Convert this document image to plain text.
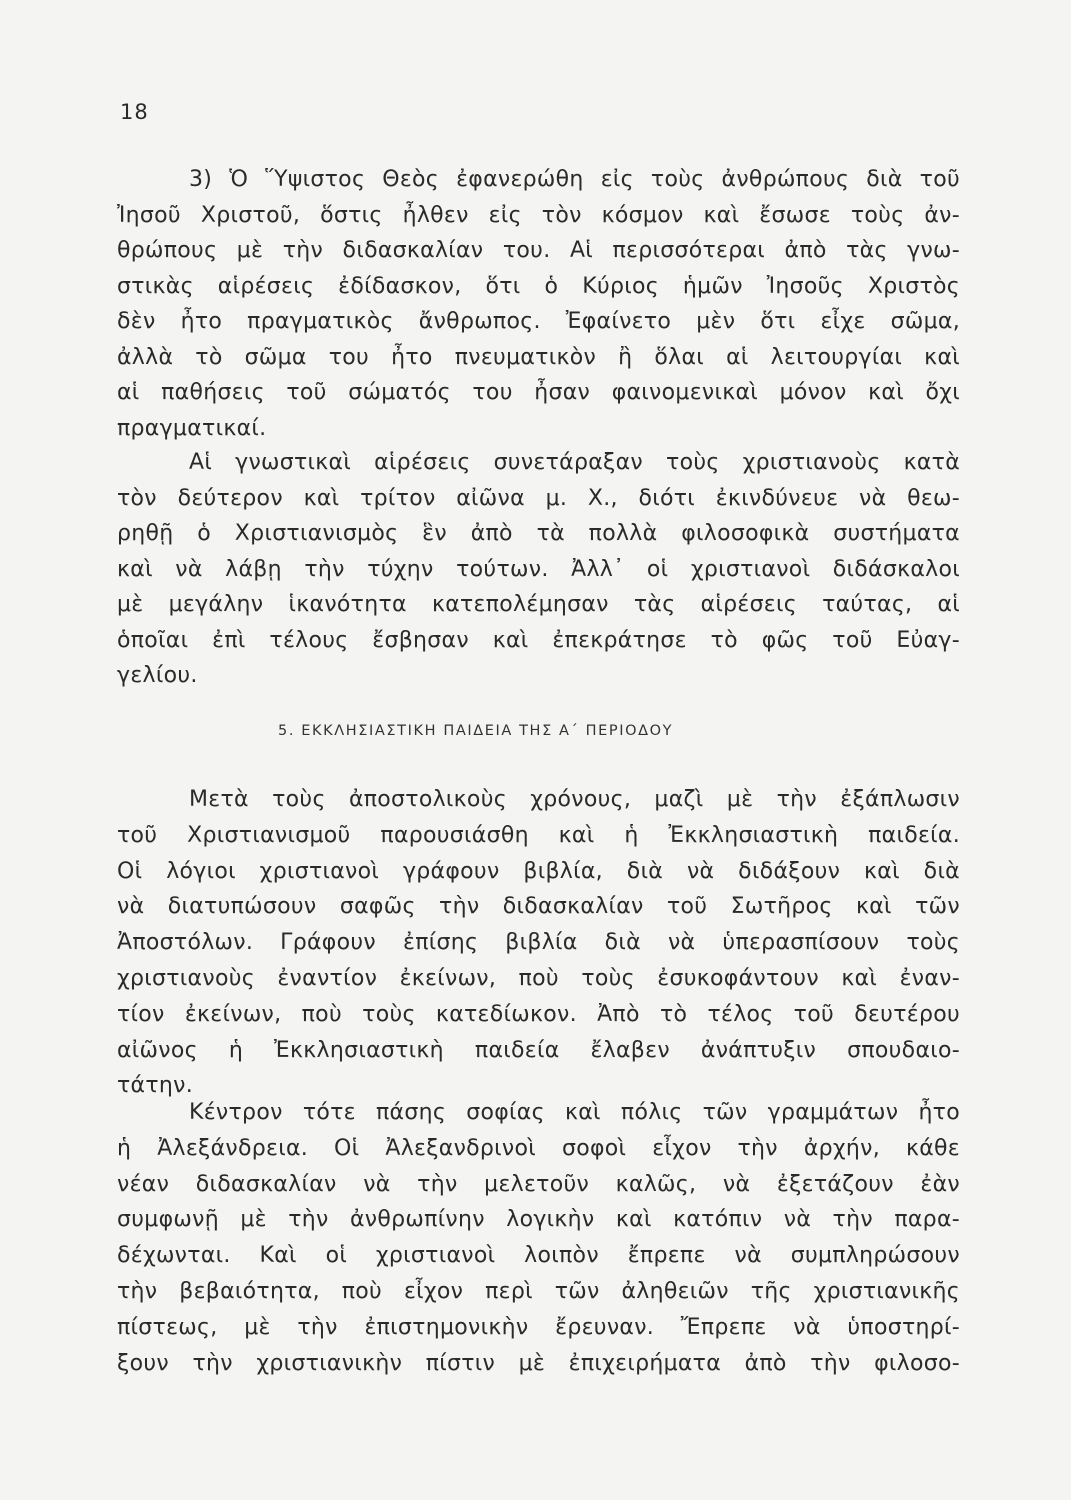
18
3) Ὁ Ὕψιστος Θεὸς ἐφανερώθη εἰς τοὺς ἀνθρώπους διὰ τοῦ
Ἰησοῦ Χριστοῦ, ὅστις ἦλθεν εἰς τὸν κόσμον καὶ ἔσωσε τοὺς ἀν-
θρώπους μὲ τὴν διδασκαλίαν του. Αἱ περισσότεραι ἀπὸ τὰς γνω-
στικὰς αἱρέσεις ἐδίδασκον, ὅτι ὁ Κύριος ἡμῶν Ἰησοῦς Χριστὸς
δὲν ἦτο πραγματικὸς ἄνθρωπος. Ἐφαίνετο μὲν ὅτι εἶχε σῶμα,
ἀλλὰ τὸ σῶμα του ἦτο πνευματικὸν ἢ ὅλαι αἱ λειτουργίαι καὶ
αἱ παθήσεις τοῦ σώματός του ἦσαν φαινομενικαὶ μόνον καὶ ὄχι
πραγματικαί.
Αἱ γνωστικαὶ αἱρέσεις συνετάραξαν τοὺς χριστιανοὺς κατὰ
τὸν δεύτερον καὶ τρίτον αἰῶνα μ. Χ., διότι ἐκινδύνευε νὰ θεω-
ρηθῇ ὁ Χριστιανισμὸς ἓν ἀπὸ τὰ πολλὰ φιλοσοφικὰ συστήματα
καὶ νὰ λάβῃ τὴν τύχην τούτων. Ἀλλ᾽ οἱ χριστιανοὶ διδάσκαλοι
μὲ μεγάλην ἱκανότητα κατεπολέμησαν τὰς αἱρέσεις ταύτας, αἱ
ὁποῖαι ἐπὶ τέλους ἔσβησαν καὶ ἐπεκράτησε τὸ φῶς τοῦ Εὐαγ-
γελίου.
5. ΕΚΚΛΗΣΙΑΣΤΙΚΗ ΠΑΙΔΕΙΑ ΤΗΣ Α΄ ΠΕΡΙΟΔΟΥ
Μετὰ τοὺς ἀποστολικοὺς χρόνους, μαζὶ μὲ τὴν ἐξάπλωσιν
τοῦ Χριστιανισμοῦ παρουσιάσθη καὶ ἡ Ἐκκλησιαστικὴ παιδεία.
Οἱ λόγιοι χριστιανοὶ γράφουν βιβλία, διὰ νὰ διδάξουν καὶ διὰ
νὰ διατυπώσουν σαφῶς τὴν διδασκαλίαν τοῦ Σωτῆρος καὶ τῶν
Ἀποστόλων. Γράφουν ἐπίσης βιβλία διὰ νὰ ὑπερασπίσουν τοὺς
χριστιανοὺς ἐναντίον ἐκείνων, ποὺ τοὺς ἐσυκοφάντουν καὶ ἐναν-
τίον ἐκείνων, ποὺ τοὺς κατεδίωκον. Ἀπὸ τὸ τέλος τοῦ δευτέρου
αἰῶνος ἡ Ἐκκλησιαστικὴ παιδεία ἔλαβεν ἀνάπτυξιν σπουδαιο-
τάτην.
Κέντρον τότε πάσης σοφίας καὶ πόλις τῶν γραμμάτων ἦτο
ἡ Ἀλεξάνδρεια. Οἱ Ἀλεξανδρινοὶ σοφοὶ εἶχον τὴν ἀρχήν, κάθε
νέαν διδασκαλίαν νὰ τὴν μελετοῦν καλῶς, νὰ ἐξετάζουν ἐὰν
συμφωνῇ μὲ τὴν ἀνθρωπίνην λογικὴν καὶ κατόπιν νὰ τὴν παρα-
δέχωνται. Καὶ οἱ χριστιανοὶ λοιπὸν ἔπρεπε νὰ συμπληρώσουν
τὴν βεβαιότητα, ποὺ εἶχον περὶ τῶν ἀληθειῶν τῆς χριστιανικῆς
πίστεως, μὲ τὴν ἐπιστημονικὴν ἔρευναν. Ἔπρεπε νὰ ὑποστηρί-
ξουν τὴν χριστιανικὴν πίστιν μὲ ἐπιχειρήματα ἀπὸ τὴν φιλοσο-
